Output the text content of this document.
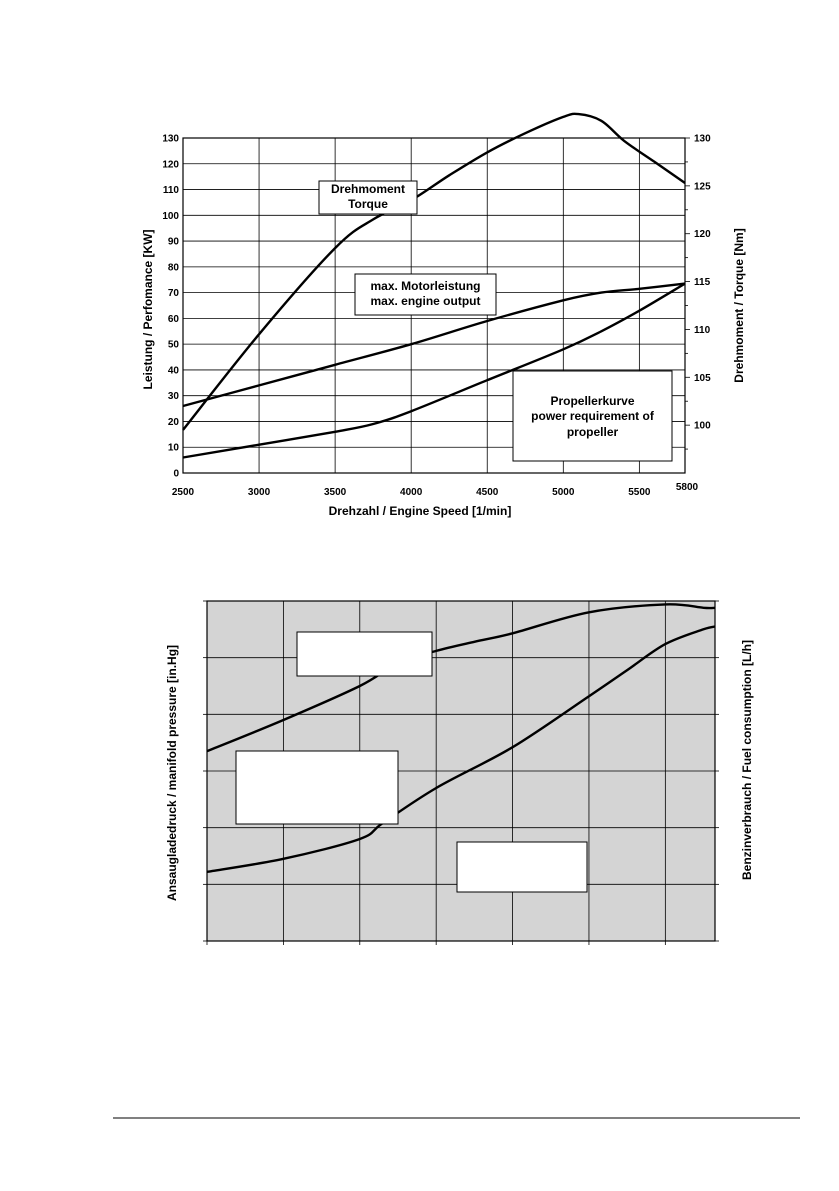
0
10
20
30
40
50
60
70
80
90
100
110
120
130
2500	3000	3500	4000	4500	5000	5500	5800
100
105
110
115
120
125
130
Drehmoment
Torque
max. Motorleistung
max. engine output
Propellerkurve
power requirement of
propeller
Drehzahl / Engine Speed [1/min]
Leistung / Perfomance [KW]	Drehmoment / Torque [Nm]
Ansaugladedruck / manifold pressure [in.Hg]	Benzinverbrauch / Fuel consumption [L/h]
